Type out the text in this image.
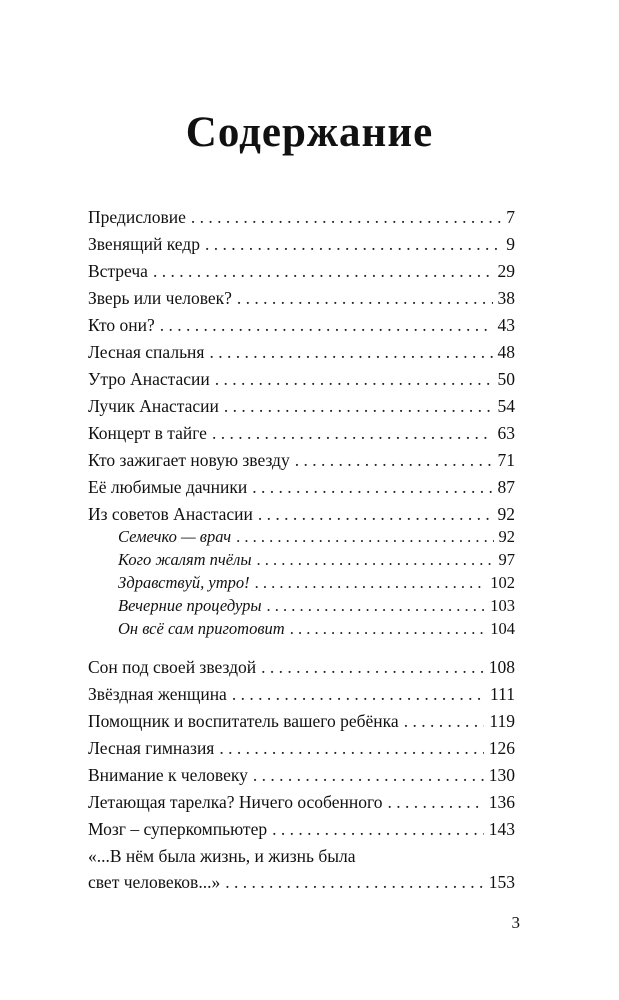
Содержание
Предисловие . . .	7
Звенящий кедр . . .	9
Встреча . . .	29
Зверь или человек? . . .	38
Кто они? . . .	43
Лесная спальня . . .	48
Утро Анастасии . . .	50
Лучик Анастасии . . .	54
Концерт в тайге . . .	63
Кто зажигает новую звезду . . .	71
Её любимые дачники . . .	87
Из советов Анастасии . . .	92
Семечко — врач . . .	92
Кого жалят пчёлы . . .	97
Здравствуй, утро! . . .	102
Вечерние процедуры . . .	103
Он всё сам приготовит . . .	104
Сон под своей звездой . . .	108
Звёздная женщина . . .	111
Помощник и воспитатель вашего ребёнка . . .	119
Лесная гимназия . . .	126
Внимание к человеку . . .	130
Летающая тарелка? Ничего особенного . . .	136
Мозг – суперкомпьютер . . .	143
«...В нём была жизнь, и жизнь была
свет человеков...» . . .	153
3
